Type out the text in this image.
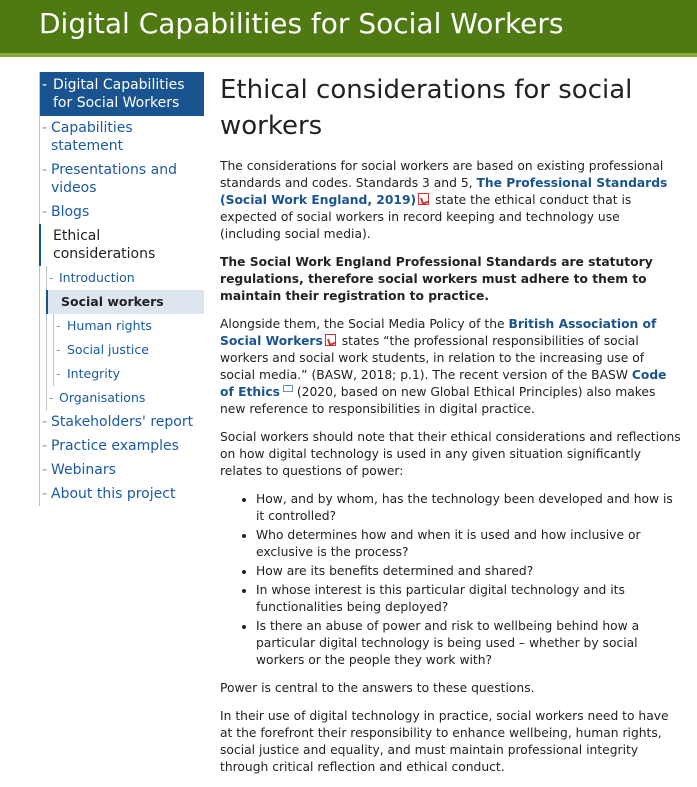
Digital Capabilities for Social Workers
- Digital Capabilities for Social Workers
- Capabilities statement
- Presentations and videos
- Blogs
Ethical considerations
- Introduction
Social workers
- Human rights
- Social justice
- Integrity
- Organisations
- Stakeholders' report
- Practice examples
- Webinars
- About this project
Ethical considerations for social workers

The considerations for social workers are based on existing professional standards and codes. Standards 3 and 5, The Professional Standards (Social Work England, 2019) state the ethical conduct that is expected of social workers in record keeping and technology use (including social media).

The Social Work England Professional Standards are statutory regulations, therefore social workers must adhere to them to maintain their registration to practice.

Alongside them, the Social Media Policy of the British Association of Social Workers states “the professional responsibilities of social workers and social work students, in relation to the increasing use of social media.” (BASW, 2018; p.1). The recent version of the BASW Code of Ethics (2020, based on new Global Ethical Principles) also makes new reference to responsibilities in digital practice.

Social workers should note that their ethical considerations and reflections on how digital technology is used in any given situation significantly relates to questions of power:

• How, and by whom, has the technology been developed and how is it controlled?
• Who determines how and when it is used and how inclusive or exclusive is the process?
• How are its benefits determined and shared?
• In whose interest is this particular digital technology and its functionalities being deployed?
• Is there an abuse of power and risk to wellbeing behind how a particular digital technology is being used – whether by social workers or the people they work with?

Power is central to the answers to these questions.

In their use of digital technology in practice, social workers need to have at the forefront their responsibility to enhance wellbeing, human rights, social justice and equality, and must maintain professional integrity through critical reflection and ethical conduct.
